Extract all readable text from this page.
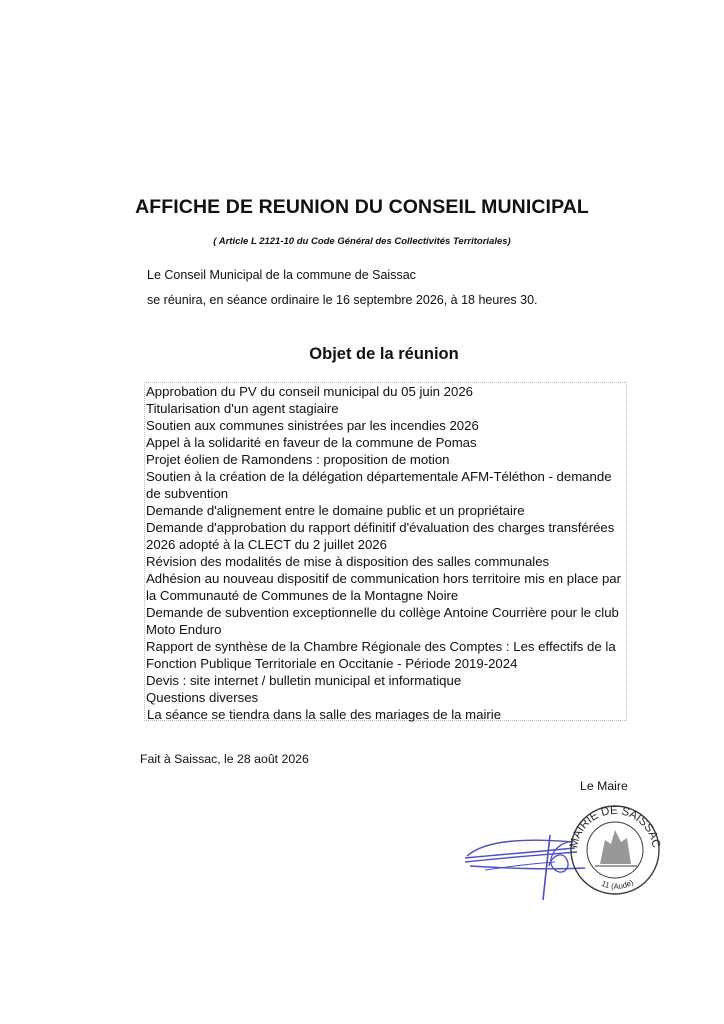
AFFICHE DE REUNION DU CONSEIL MUNICIPAL
( Article L 2121-10 du Code Général des Collectivités Territoriales)
Le Conseil Municipal de la commune de Saissac
se réunira, en séance ordinaire le 16 septembre 2026, à 18 heures 30.
Objet de la réunion
Approbation du PV du conseil municipal du 05 juin 2026
Titularisation d'un agent stagiaire
Soutien aux communes sinistrées par les incendies 2026
Appel à la solidarité en faveur de la commune de Pomas
Projet éolien de Ramondens : proposition de motion
Soutien à la création de la délégation départementale AFM-Téléthon - demande
de subvention
Demande d'alignement entre le domaine public et un propriétaire
Demande d'approbation du rapport définitif d'évaluation des charges transférées
2026 adopté à la CLECT du 2 juillet 2026
Révision des modalités de mise à disposition des salles communales
Adhésion au nouveau dispositif de communication hors territoire mis en place par
la Communauté de Communes de la Montagne Noire
Demande de subvention exceptionnelle du collège Antoine Courrière pour le club
Moto Enduro
Rapport de synthèse de la Chambre Régionale des Comptes : Les effectifs de la
Fonction Publique Territoriale en Occitanie - Période 2019-2024
Devis : site internet / bulletin municipal et informatique
Questions diverses
La séance se tiendra dans la salle des mariages de la mairie
Fait à Saissac, le 28 août 2026
Le Maire
MAIRIE DE SAISSAC
11 (Aude)
